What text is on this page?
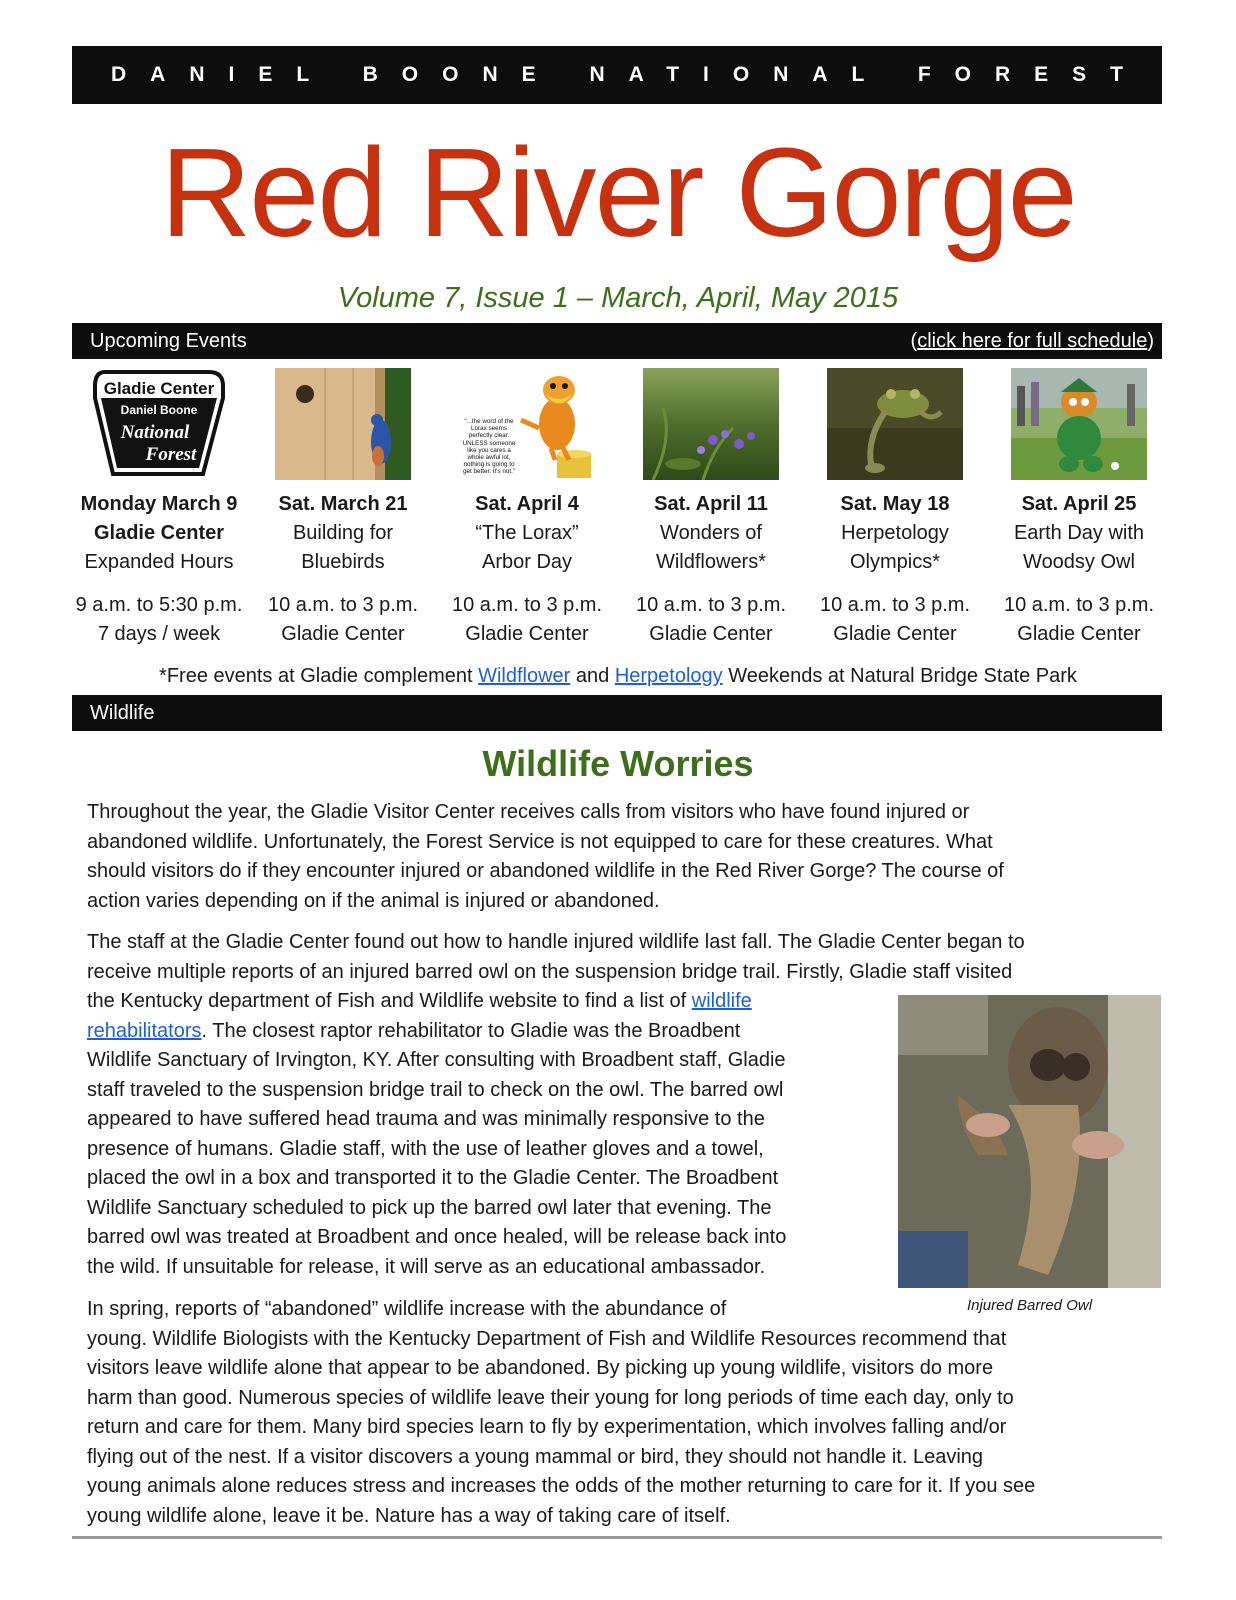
DANIEL BOONE NATIONAL FOREST
Red River Gorge
Volume 7, Issue 1 – March, April, May 2015
Upcoming Events	(click here for full schedule)
Gladie Center
Daniel Boone
National
Forest
Monday March 9
Gladie Center
Expanded Hours
9 a.m. to 5:30 p.m.
7 days / week
Sat. March 21
Building for
Bluebirds
10 a.m. to 3 p.m.
Gladie Center
“...the word of the Lorax seems perfectly clear. UNLESS someone like you cares a whole awful lot, nothing is going to get better. It's not.”
Sat. April 4
“The Lorax”
Arbor Day
10 a.m. to 3 p.m.
Gladie Center
Sat. April 11
Wonders of
Wildflowers*
10 a.m. to 3 p.m.
Gladie Center
Sat. May 18
Herpetology
Olympics*
10 a.m. to 3 p.m.
Gladie Center
Sat. April 25
Earth Day with
Woodsy Owl
10 a.m. to 3 p.m.
Gladie Center
*Free events at Gladie complement Wildflower and Herpetology Weekends at Natural Bridge State Park
Wildlife
Wildlife Worries
Throughout the year, the Gladie Visitor Center receives calls from visitors who have found injured or
abandoned wildlife. Unfortunately, the Forest Service is not equipped to care for these creatures. What
should visitors do if they encounter injured or abandoned wildlife in the Red River Gorge? The course of
action varies depending on if the animal is injured or abandoned.
The staff at the Gladie Center found out how to handle injured wildlife last fall. The Gladie Center began to
receive multiple reports of an injured barred owl on the suspension bridge trail. Firstly, Gladie staff visited
the Kentucky department of Fish and Wildlife website to find a list of wildlife
rehabilitators. The closest raptor rehabilitator to Gladie was the Broadbent
Wildlife Sanctuary of Irvington, KY. After consulting with Broadbent staff, Gladie
staff traveled to the suspension bridge trail to check on the owl. The barred owl
appeared to have suffered head trauma and was minimally responsive to the
presence of humans. Gladie staff, with the use of leather gloves and a towel,
placed the owl in a box and transported it to the Gladie Center. The Broadbent
Wildlife Sanctuary scheduled to pick up the barred owl later that evening. The
barred owl was treated at Broadbent and once healed, will be release back into
the wild. If unsuitable for release, it will serve as an educational ambassador.
Injured Barred Owl
In spring, reports of “abandoned” wildlife increase with the abundance of
young. Wildlife Biologists with the Kentucky Department of Fish and Wildlife Resources recommend that
visitors leave wildlife alone that appear to be abandoned. By picking up young wildlife, visitors do more
harm than good. Numerous species of wildlife leave their young for long periods of time each day, only to
return and care for them. Many bird species learn to fly by experimentation, which involves falling and/or
flying out of the nest. If a visitor discovers a young mammal or bird, they should not handle it. Leaving
young animals alone reduces stress and increases the odds of the mother returning to care for it. If you see
young wildlife alone, leave it be. Nature has a way of taking care of itself.
